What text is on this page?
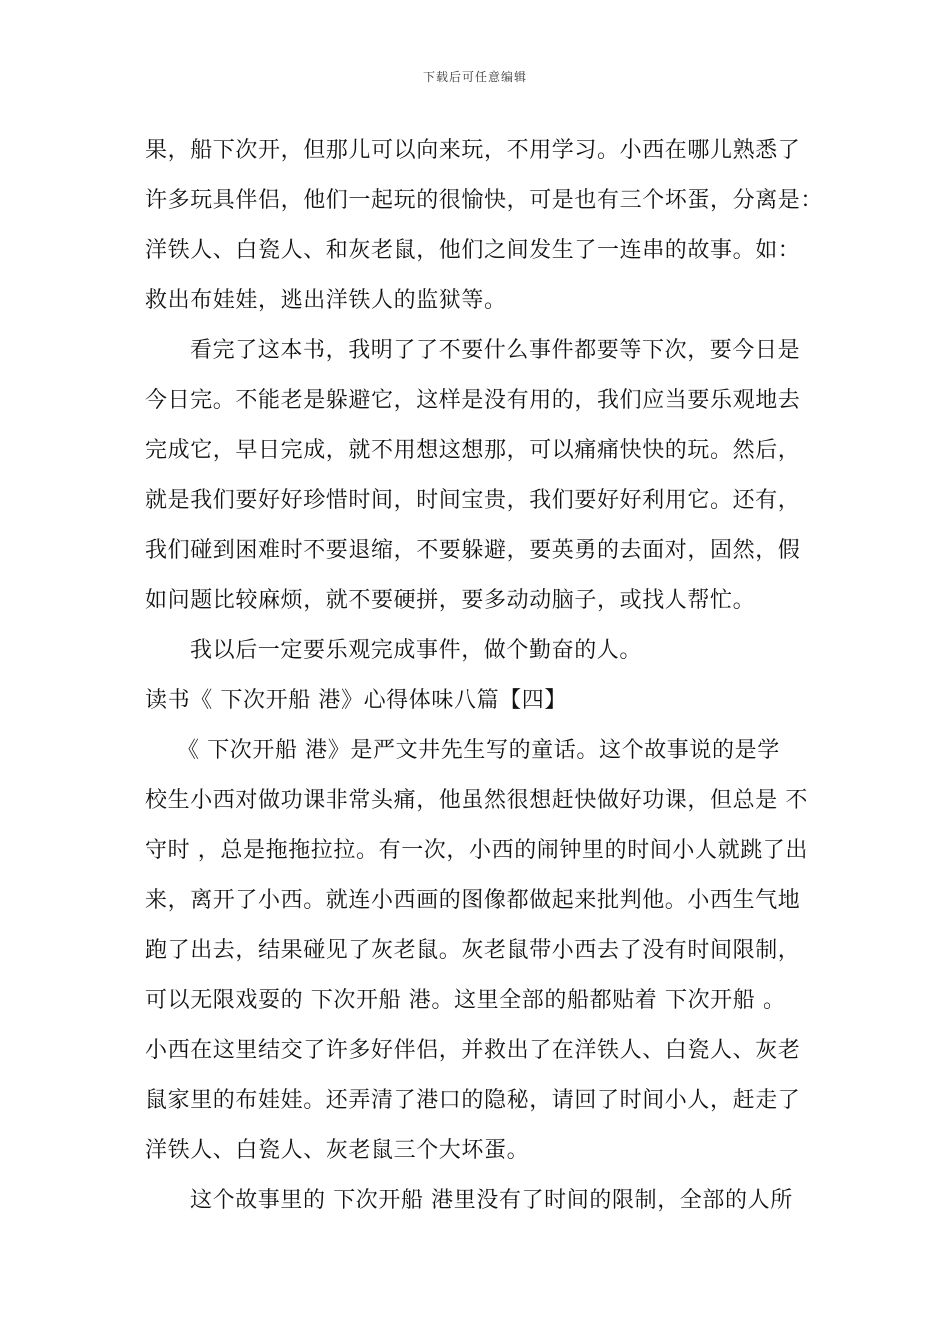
下载后可任意编辑
果，船下次开，但那儿可以向来玩，不用学习。小西在哪儿熟悉了
许多玩具伴侣，他们一起玩的很愉快，可是也有三个坏蛋，分离是：
洋铁人、白瓷人、和灰老鼠，他们之间发生了一连串的故事。如：
救出布娃娃，逃出洋铁人的监狱等。
看完了这本书，我明了了不要什么事件都要等下次，要今日是
今日完。不能老是躲避它，这样是没有用的，我们应当要乐观地去
完成它，早日完成，就不用想这想那，可以痛痛快快的玩。然后，
就是我们要好好珍惜时间，时间宝贵，我们要好好利用它。还有，
我们碰到困难时不要退缩，不要躲避，要英勇的去面对，固然，假
如问题比较麻烦，就不要硬拼，要多动动脑子，或找人帮忙。
我以后一定要乐观完成事件，做个勤奋的人。
读书《 下次开船 港》心得体味八篇【四】
《 下次开船 港》是严文井先生写的童话。这个故事说的是学
校生小西对做功课非常头痛，他虽然很想赶快做好功课，但总是 不
守时 ，总是拖拖拉拉。有一次，小西的闹钟里的时间小人就跳了出
来，离开了小西。就连小西画的图像都做起来批判他。小西生气地
跑了出去，结果碰见了灰老鼠。灰老鼠带小西去了没有时间限制，
可以无限戏耍的 下次开船 港。这里全部的船都贴着 下次开船 。
小西在这里结交了许多好伴侣，并救出了在洋铁人、白瓷人、灰老
鼠家里的布娃娃。还弄清了港口的隐秘，请回了时间小人，赶走了
洋铁人、白瓷人、灰老鼠三个大坏蛋。
这个故事里的 下次开船 港里没有了时间的限制，全部的人所
